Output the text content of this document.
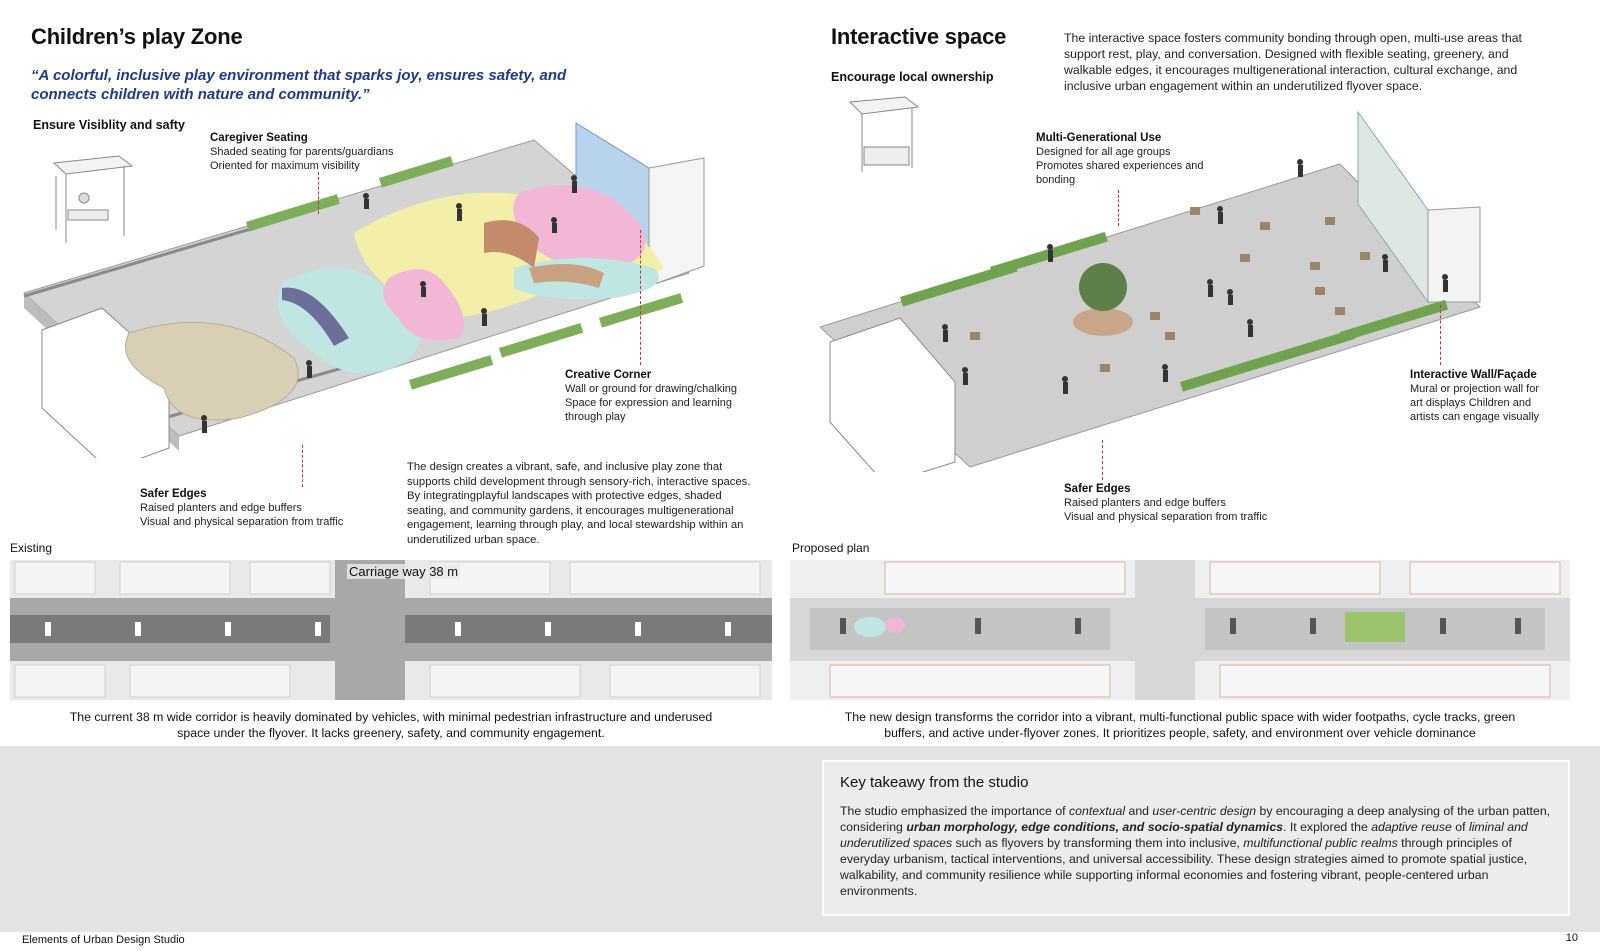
Children’s play Zone
“A colorful, inclusive play environment that sparks joy, ensures safety, and
connects children with nature and community.”
Ensure Visiblity and safty
Caregiver Seating
Shaded seating for parents/guardians
Oriented for maximum visibility
Creative Corner
Wall or ground for drawing/chalking
Space for expression and learning
through play
Safer Edges
Raised planters and edge buffers
Visual and physical separation from traffic
The design creates a vibrant, safe, and inclusive play zone that
supports child development through sensory-rich, interactive spaces.
By integratingplayful landscapes with protective edges, shaded
seating, and community gardens, it encourages multigenerational
engagement, learning through play, and local stewardship within an
underutilized urban space.
Interactive space
Encourage local ownership
The interactive space fosters community bonding through open, multi-use areas that
support rest, play, and conversation. Designed with flexible seating, greenery, and
walkable edges, it encourages multigenerational interaction, cultural exchange, and
inclusive urban engagement within an underutilized flyover space.
Multi-Generational Use
Designed for all age groups
Promotes shared experiences and
bonding
Interactive Wall/Façade
Mural or projection wall for
art displays Children and
artists can engage visually
Safer Edges
Raised planters and edge buffers
Visual and physical separation from traffic
Existing	Proposed plan
Carriage way 38 m
The current 38 m wide corridor is heavily dominated by vehicles, with minimal pedestrian infrastructure and underused
space under the flyover. It lacks greenery, safety, and community engagement.
The new design transforms the corridor into a vibrant, multi-functional public space with wider footpaths, cycle tracks, green
buffers, and active under-flyover zones. It prioritizes people, safety, and environment over vehicle dominance
Key takeawy from the studio
The studio emphasized the importance of contextual and user-centric design by encouraging a deep analysing of the urban patten, considering urban morphology, edge conditions, and socio-spatial dynamics. It explored the adaptive reuse of liminal and underutilized spaces such as flyovers by transforming them into inclusive, multifunctional public realms through principles of everyday urbanism, tactical interventions, and universal accessibility. These design strategies aimed to promote spatial justice, walkability, and community resilience while supporting informal economies and fostering vibrant, people-centered urban environments.
Elements of Urban Design Studio	10
